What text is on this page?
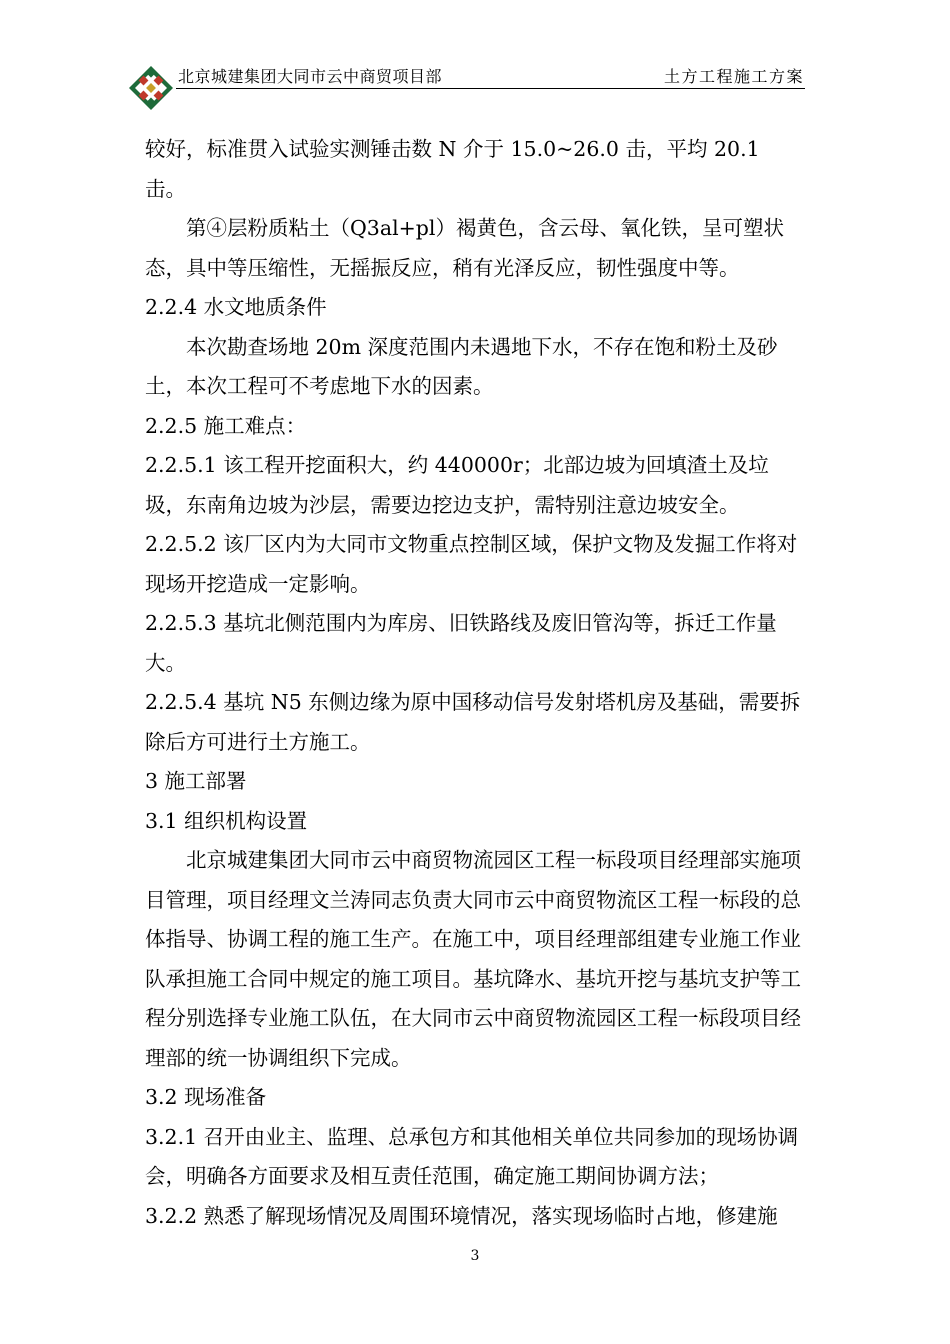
北京城建集团大同市云中商贸项目部	土方工程施工方案

较好，标准贯入试验实测锤击数 N 介于 15.0~26.0 击，平均 20.1 击。

第④层粉质粘土（Q3al+pl）褐黄色，含云母、氧化铁，呈可塑状态，具中等压缩性，无摇振反应，稍有光泽反应，韧性强度中等。

2.2.4 水文地质条件

本次勘查场地 20m 深度范围内未遇地下水，不存在饱和粉土及砂土，本次工程可不考虑地下水的因素。

2.2.5 施工难点：

2.2.5.1 该工程开挖面积大，约 440000r；北部边坡为回填渣土及垃圾，东南角边坡为沙层，需要边挖边支护，需特别注意边坡安全。

2.2.5.2 该厂区内为大同市文物重点控制区域，保护文物及发掘工作将对现场开挖造成一定影响。

2.2.5.3 基坑北侧范围内为库房、旧铁路线及废旧管沟等，拆迁工作量大。

2.2.5.4 基坑 N5 东侧边缘为原中国移动信号发射塔机房及基础，需要拆除后方可进行土方施工。

3 施工部署

3.1 组织机构设置

北京城建集团大同市云中商贸物流园区工程一标段项目经理部实施项目管理，项目经理文兰涛同志负责大同市云中商贸物流区工程一标段的总体指导、协调工程的施工生产。在施工中，项目经理部组建专业施工作业队承担施工合同中规定的施工项目。基坑降水、基坑开挖与基坑支护等工程分别选择专业施工队伍，在大同市云中商贸物流园区工程一标段项目经理部的统一协调组织下完成。

3.2 现场准备

3.2.1 召开由业主、监理、总承包方和其他相关单位共同参加的现场协调会，明确各方面要求及相互责任范围，确定施工期间协调方法；

3.2.2 熟悉了解现场情况及周围环境情况，落实现场临时占地，修建施

3
